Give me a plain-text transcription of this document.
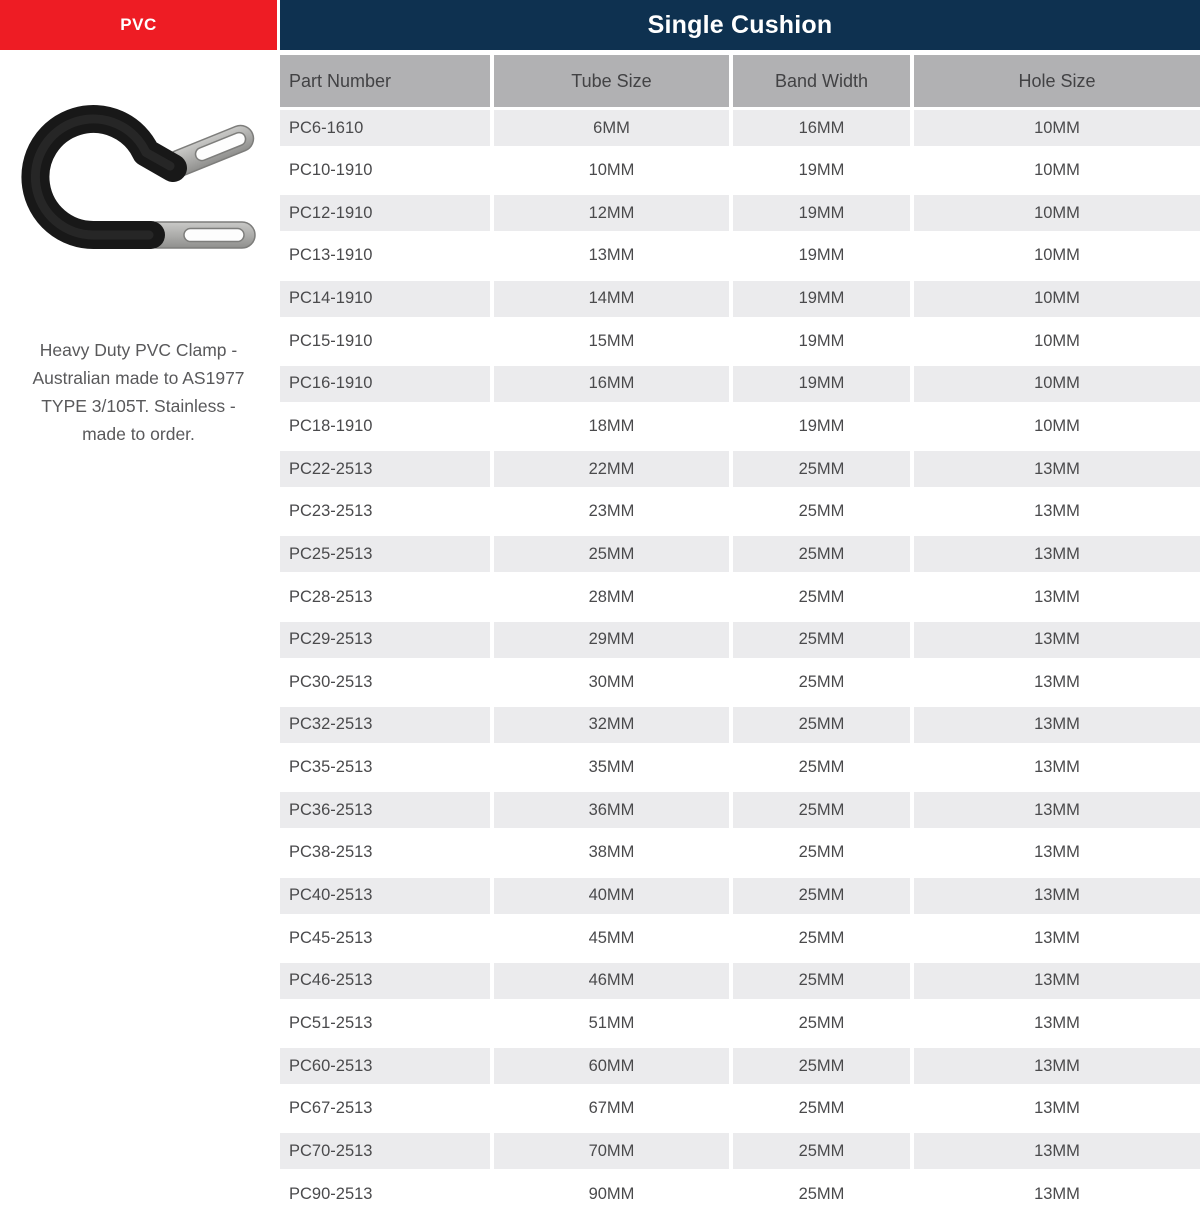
PVC	Single Cushion
Heavy Duty PVC Clamp -
Australian made to AS1977
TYPE 3/105T. Stainless -
made to order.
Part Number	Tube Size	Band Width	Hole Size
PC6-1610	6MM	16MM	10MM
PC10-1910	10MM	19MM	10MM
PC12-1910	12MM	19MM	10MM
PC13-1910	13MM	19MM	10MM
PC14-1910	14MM	19MM	10MM
PC15-1910	15MM	19MM	10MM
PC16-1910	16MM	19MM	10MM
PC18-1910	18MM	19MM	10MM
PC22-2513	22MM	25MM	13MM
PC23-2513	23MM	25MM	13MM
PC25-2513	25MM	25MM	13MM
PC28-2513	28MM	25MM	13MM
PC29-2513	29MM	25MM	13MM
PC30-2513	30MM	25MM	13MM
PC32-2513	32MM	25MM	13MM
PC35-2513	35MM	25MM	13MM
PC36-2513	36MM	25MM	13MM
PC38-2513	38MM	25MM	13MM
PC40-2513	40MM	25MM	13MM
PC45-2513	45MM	25MM	13MM
PC46-2513	46MM	25MM	13MM
PC51-2513	51MM	25MM	13MM
PC60-2513	60MM	25MM	13MM
PC67-2513	67MM	25MM	13MM
PC70-2513	70MM	25MM	13MM
PC90-2513	90MM	25MM	13MM
